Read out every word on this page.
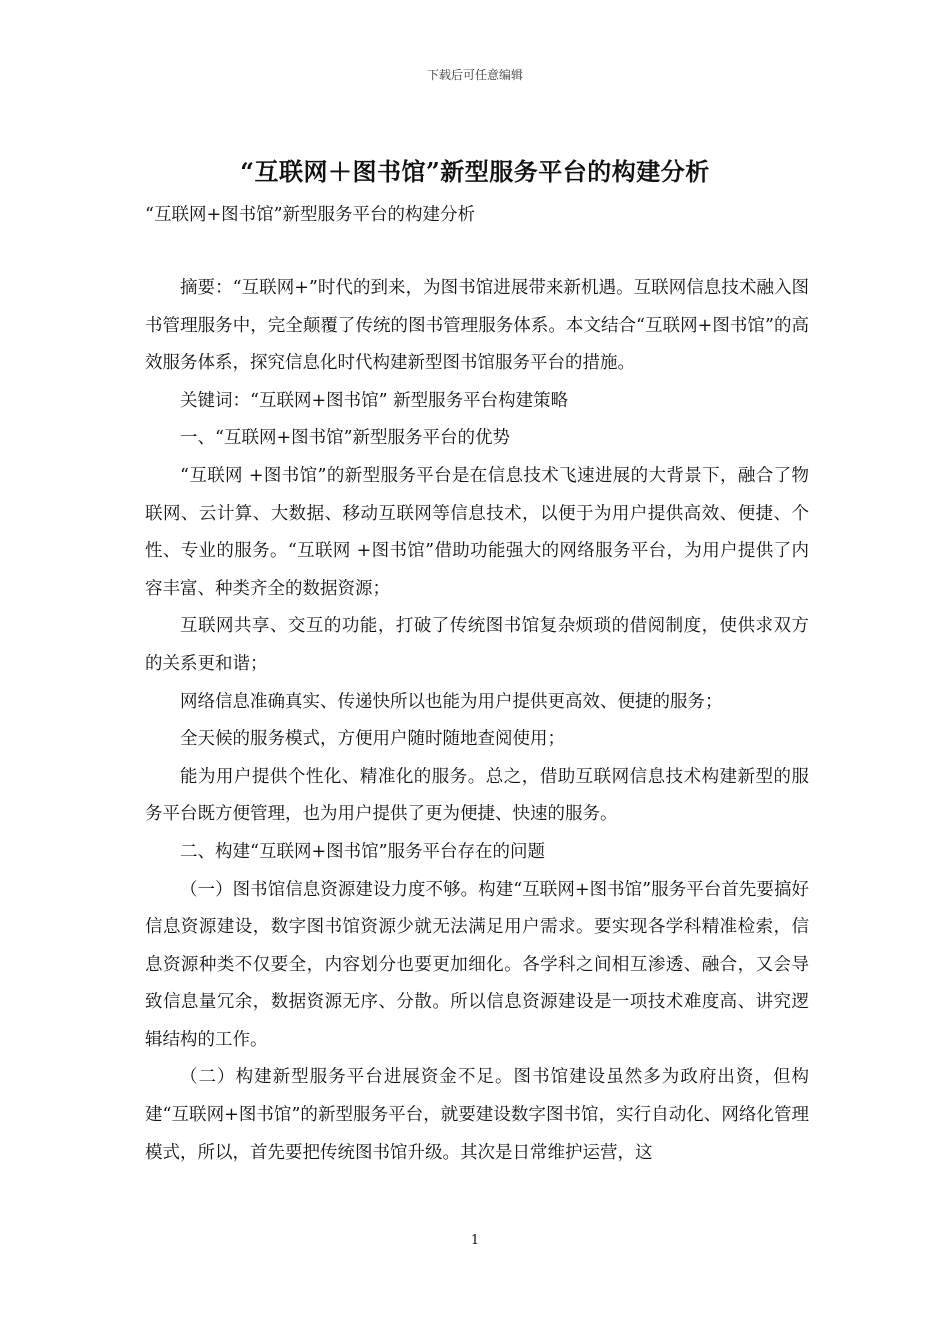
下载后可任意编辑
“互联网＋图书馆”新型服务平台的构建分析
“互联网+图书馆”新型服务平台的构建分析

摘要：“互联网+”时代的到来，为图书馆进展带来新机遇。互联网信息技术融入图书管理服务中，完全颠覆了传统的图书管理服务体系。本文结合“互联网+图书馆”的高效服务体系，探究信息化时代构建新型图书馆服务平台的措施。

关键词：“互联网+图书馆” 新型服务平台构建策略

一、“互联网+图书馆”新型服务平台的优势

“互联网 +图书馆”的新型服务平台是在信息技术飞速进展的大背景下，融合了物联网、云计算、大数据、移动互联网等信息技术，以便于为用户提供高效、便捷、个性、专业的服务。“互联网 +图书馆”借助功能强大的网络服务平台，为用户提供了内容丰富、种类齐全的数据资源；

互联网共享、交互的功能，打破了传统图书馆复杂烦琐的借阅制度，使供求双方的关系更和谐；

网络信息准确真实、传递快所以也能为用户提供更高效、便捷的服务；

全天候的服务模式，方便用户随时随地查阅使用；

能为用户提供个性化、精准化的服务。总之，借助互联网信息技术构建新型的服务平台既方便管理，也为用户提供了更为便捷、快速的服务。

二、构建“互联网+图书馆”服务平台存在的问题

（一）图书馆信息资源建设力度不够。构建“互联网+图书馆”服务平台首先要搞好信息资源建设，数字图书馆资源少就无法满足用户需求。要实现各学科精准检索，信息资源种类不仅要全，内容划分也要更加细化。各学科之间相互渗透、融合，又会导致信息量冗余，数据资源无序、分散。所以信息资源建设是一项技术难度高、讲究逻辑结构的工作。

（二）构建新型服务平台进展资金不足。图书馆建设虽然多为政府出资，但构建“互联网+图书馆”的新型服务平台，就要建设数字图书馆，实行自动化、网络化管理模式，所以，首先要把传统图书馆升级。其次是日常维护运营，这

1
